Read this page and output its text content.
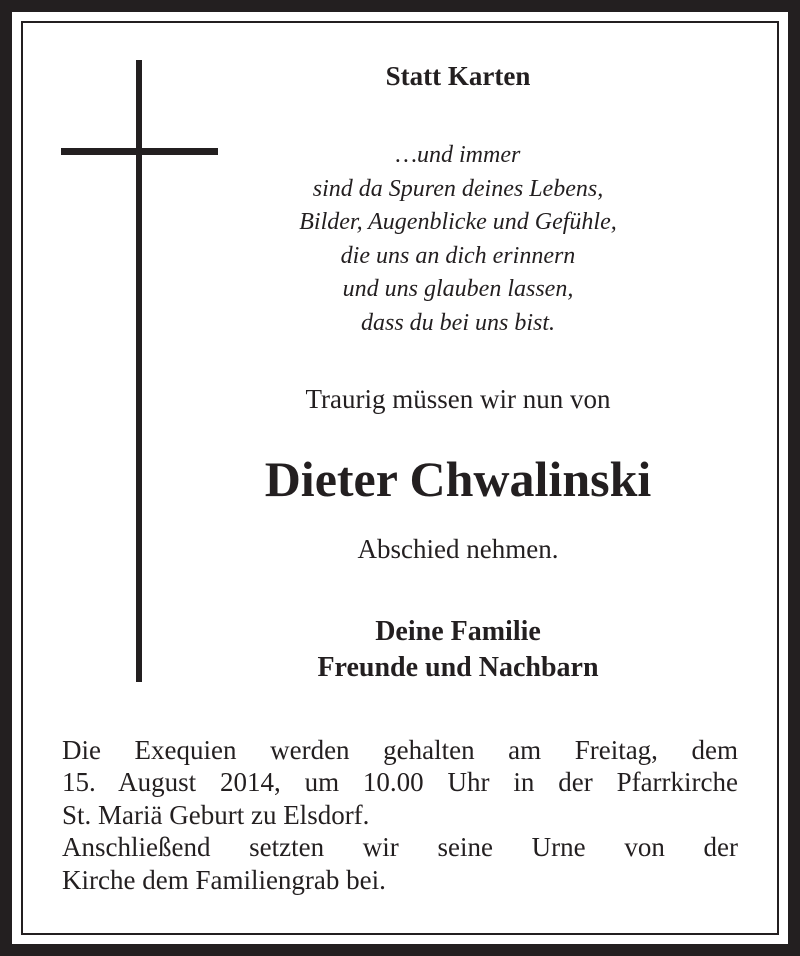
Statt Karten
…und immer
sind da Spuren deines Lebens,
Bilder, Augenblicke und Gefühle,
die uns an dich erinnern
und uns glauben lassen,
dass du bei uns bist.
Traurig müssen wir nun von
Dieter Chwalinski
Abschied nehmen.
Deine Familie
Freunde und Nachbarn
Die Exequien werden gehalten am Freitag, dem
15. August 2014, um 10.00 Uhr in der Pfarrkirche
St. Mariä Geburt zu Elsdorf.
Anschließend setzten wir seine Urne von der
Kirche dem Familiengrab bei.
